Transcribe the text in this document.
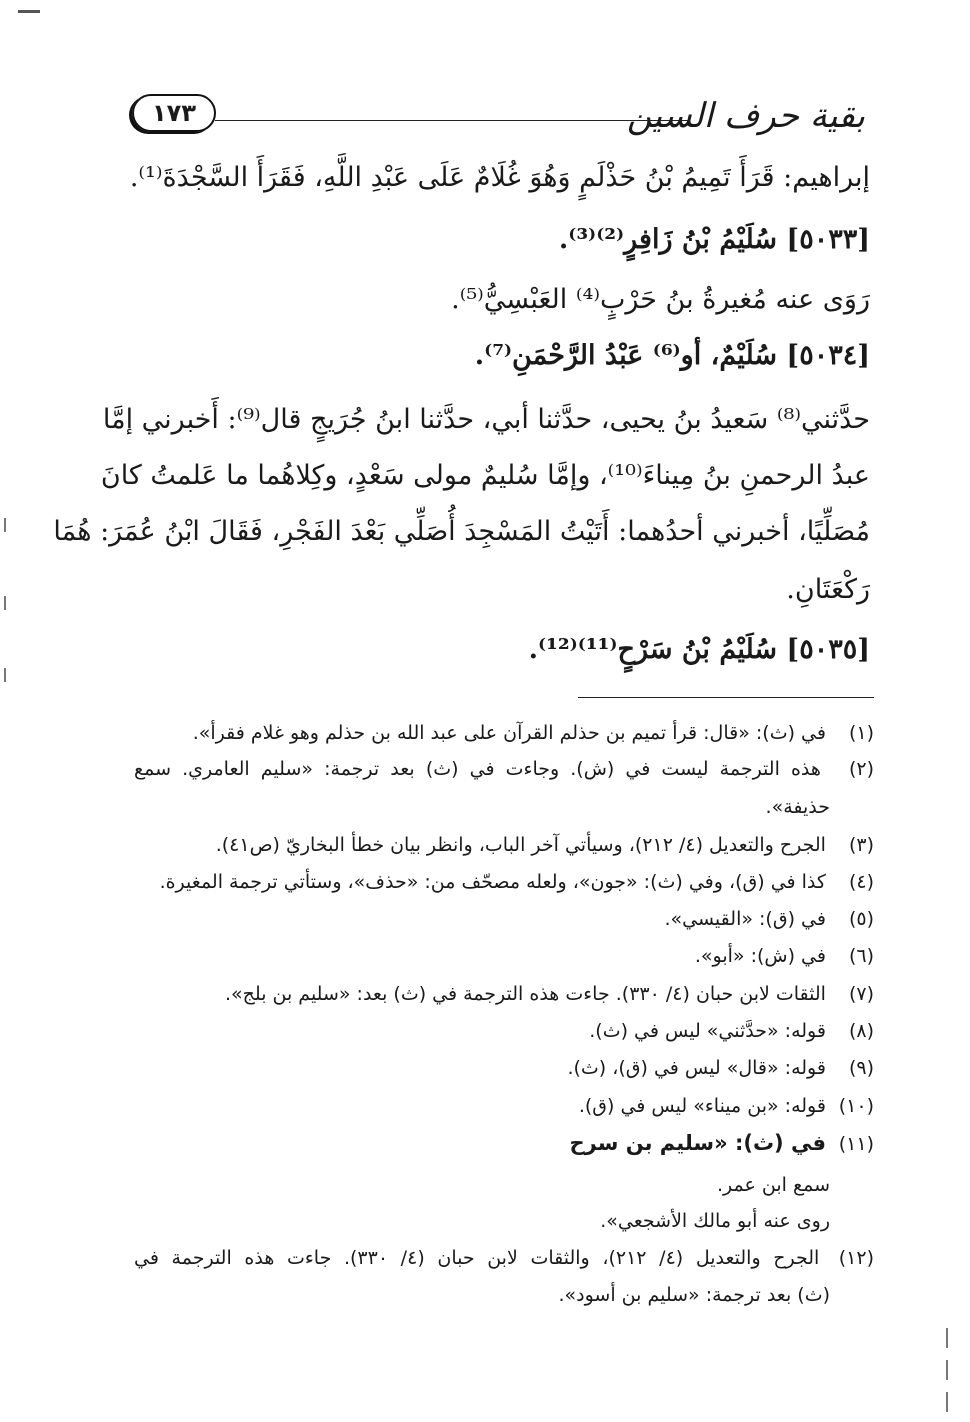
بقية حرف السين
١٧٣
إبراهيم: قَرَأَ تَمِيمُ بْنُ حَذْلَمٍ وَهُوَ غُلَامٌ عَلَى عَبْدِ اللَّهِ، فَقَرَأَ السَّجْدَةَ⁽¹⁾.
[٥٠٣٣] سُلَيْمُ بْنُ زَافِرٍ⁽²⁾⁽³⁾.
رَوَى عنه مُغيرةُ بنُ حَرْبٍ⁽⁴⁾ العَبْسِيُّ⁽⁵⁾.
[٥٠٣٤] سُلَيْمٌ، أو⁽⁶⁾ عَبْدُ الرَّحْمَنِ⁽⁷⁾.
حدَّثني⁽⁸⁾ سَعيدُ بنُ يحيى، حدَّثنا أبي، حدَّثنا ابنُ جُرَيجٍ قال⁽⁹⁾: أَخبرني إمَّا
عبدُ الرحمنِ بنُ مِيناءَ⁽¹⁰⁾، وإمَّا سُليمٌ مولى سَعْدٍ، وكِلاهُما ما عَلمتُ كانَ
مُصَلِّيًا، أخبرني أحدُهما: أَتَيْتُ المَسْجِدَ أُصَلِّي بَعْدَ الفَجْرِ، فَقَالَ ابْنُ عُمَرَ: هُمَا
رَكْعَتَانِ.
[٥٠٣٥] سُلَيْمُ بْنُ سَرْحٍ⁽¹¹⁾⁽¹²⁾.
(١) في (ث): «قال: قرأ تميم بن حذلم القرآن على عبد الله بن حذلم وهو غلام فقرأ».
(٢) هذه الترجمة ليست في (ش). وجاءت في (ث) بعد ترجمة: «سليم العامري. سمع
حذيفة».
(٣) الجرح والتعديل (٤/ ٢١٢)، وسيأتي آخر الباب، وانظر بيان خطأ البخاريّ (ص٤١).
(٤) كذا في (ق)، وفي (ث): «جون»، ولعله مصحّف من: «حذف»، وستأتي ترجمة المغيرة.
(٥) في (ق): «القيسي».
(٦) في (ش): «أبو».
(٧) الثقات لابن حبان (٤/ ٣٣٠). جاءت هذه الترجمة في (ث) بعد: «سليم بن بلج».
(٨) قوله: «حدَّثني» ليس في (ث).
(٩) قوله: «قال» ليس في (ق)، (ث).
(١٠) قوله: «بن ميناء» ليس في (ق).
(١١) في (ث): «سليم بن سرح
سمع ابن عمر.
روى عنه أبو مالك الأشجعي».
(١٢) الجرح والتعديل (٤/ ٢١٢)، والثقات لابن حبان (٤/ ٣٣٠). جاءت هذه الترجمة في
(ث) بعد ترجمة: «سليم بن أسود».
